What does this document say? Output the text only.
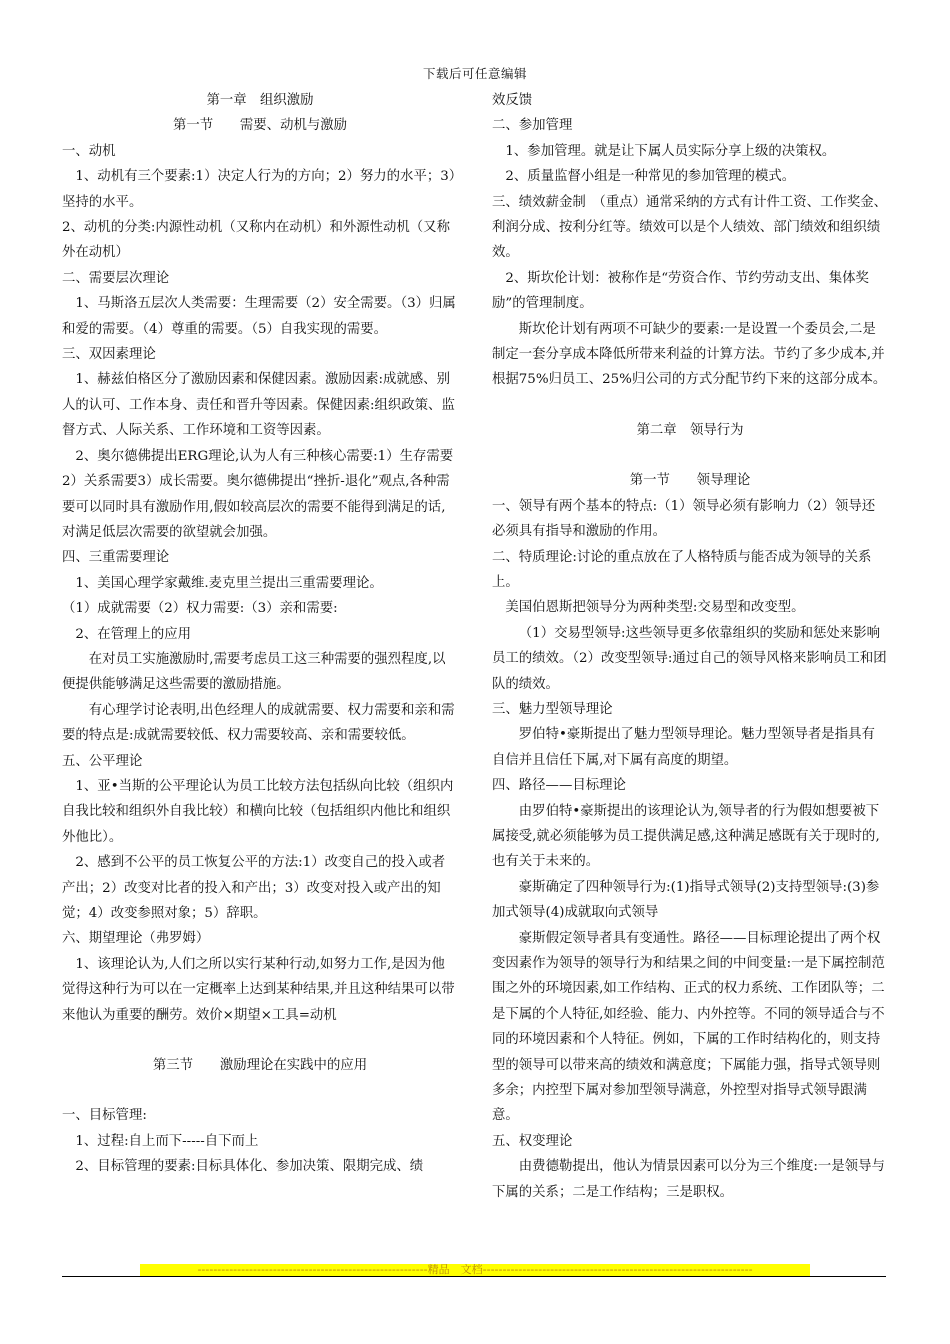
下载后可任意编辑

第一章　组织激励

第一节　　需要、动机与激励

一、动机

1、动机有三个要素:1）决定人行为的方向；2）努力的水平；3）坚持的水平。

2、动机的分类:内源性动机（又称内在动机）和外源性动机（又称外在动机）

二、需要层次理论

1、马斯洛五层次人类需要：生理需要（2）安全需要。（3）归属和爱的需要。（4）尊重的需要。（5）自我实现的需要。

三、双因素理论

1、赫兹伯格区分了激励因素和保健因素。激励因素:成就感、别人的认可、工作本身、责任和晋升等因素。保健因素:组织政策、监督方式、人际关系、工作环境和工资等因素。

2、奥尔德佛提出ERG理论,认为人有三种核心需要:1）生存需要2）关系需要3）成长需要。奥尔德佛提出“挫折-退化”观点,各种需要可以同时具有激励作用,假如较高层次的需要不能得到满足的话,对满足低层次需要的欲望就会加强。

四、三重需要理论

1、美国心理学家戴维.麦克里兰提出三重需要理论。

（1）成就需要（2）权力需要:（3）亲和需要:

2、在管理上的应用

在对员工实施激励时,需要考虑员工这三种需要的强烈程度,以便提供能够满足这些需要的激励措施。

有心理学讨论表明,出色经理人的成就需要、权力需要和亲和需要的特点是:成就需要较低、权力需要较高、亲和需要较低。

五、公平理论

1、亚•当斯的公平理论认为员工比较方法包括纵向比较（组织内自我比较和组织外自我比较）和横向比较（包括组织内他比和组织外他比）。

2、感到不公平的员工恢复公平的方法:1）改变自己的投入或者产出；2）改变对比者的投入和产出；3）改变对投入或产出的知觉；4）改变参照对象；5）辞职。

六、期望理论（弗罗姆）

1、该理论认为,人们之所以实行某种行动,如努力工作,是因为他觉得这种行为可以在一定概率上达到某种结果,并且这种结果可以带来他认为重要的酬劳。效价×期望×工具=动机

第三节　　激励理论在实践中的应用

一、目标管理:

1、过程:自上而下-----自下而上

2、目标管理的要素:目标具体化、参加决策、限期完成、绩

效反馈

二、参加管理

1、参加管理。就是让下属人员实际分享上级的决策权。

2、质量监督小组是一种常见的参加管理的模式。

三、绩效薪金制　（重点）通常采纳的方式有计件工资、工作奖金、利润分成、按利分红等。绩效可以是个人绩效、部门绩效和组织绩效。

2、斯坎伦计划：被称作是“劳资合作、节约劳动支出、集体奖励”的管理制度。

斯坎伦计划有两项不可缺少的要素:一是设置一个委员会,二是制定一套分享成本降低所带来利益的计算方法。节约了多少成本,并根据75%归员工、25%归公司的方式分配节约下来的这部分成本。

第二章　领导行为

第一节　　领导理论

一、领导有两个基本的特点:（1）领导必须有影响力（2）领导还必须具有指导和激励的作用。

二、特质理论:讨论的重点放在了人格特质与能否成为领导的关系上。

美国伯恩斯把领导分为两种类型:交易型和改变型。

（1）交易型领导:这些领导更多依靠组织的奖励和惩处来影响员工的绩效。（2）改变型领导:通过自己的领导风格来影响员工和团队的绩效。

三、魅力型领导理论

罗伯特•豪斯提出了魅力型领导理论。魅力型领导者是指具有自信并且信任下属,对下属有高度的期望。

四、路径——目标理论

由罗伯特•豪斯提出的该理论认为,领导者的行为假如想要被下属接受,就必须能够为员工提供满足感,这种满足感既有关于现时的,也有关于未来的。

豪斯确定了四种领导行为:(1)指导式领导(2)支持型领导:(3)参加式领导(4)成就取向式领导

豪斯假定领导者具有变通性。路径——目标理论提出了两个权变因素作为领导的领导行为和结果之间的中间变量:一是下属控制范围之外的环境因素,如工作结构、正式的权力系统、工作团队等；二是下属的个人特征,如经验、能力、内外控等。不同的领导适合与不同的环境因素和个人特征。例如，下属的工作时结构化的，则支持型的领导可以带来高的绩效和满意度；下属能力强，指导式领导则多余；内控型下属对参加型领导满意，外控型对指导式领导跟满意。

五、权变理论

由费德勒提出，他认为情景因素可以分为三个维度:一是领导与下属的关系；二是工作结构；三是职权。

----------------------------------------------------------精品　文档--------------------------------------------------------------------
